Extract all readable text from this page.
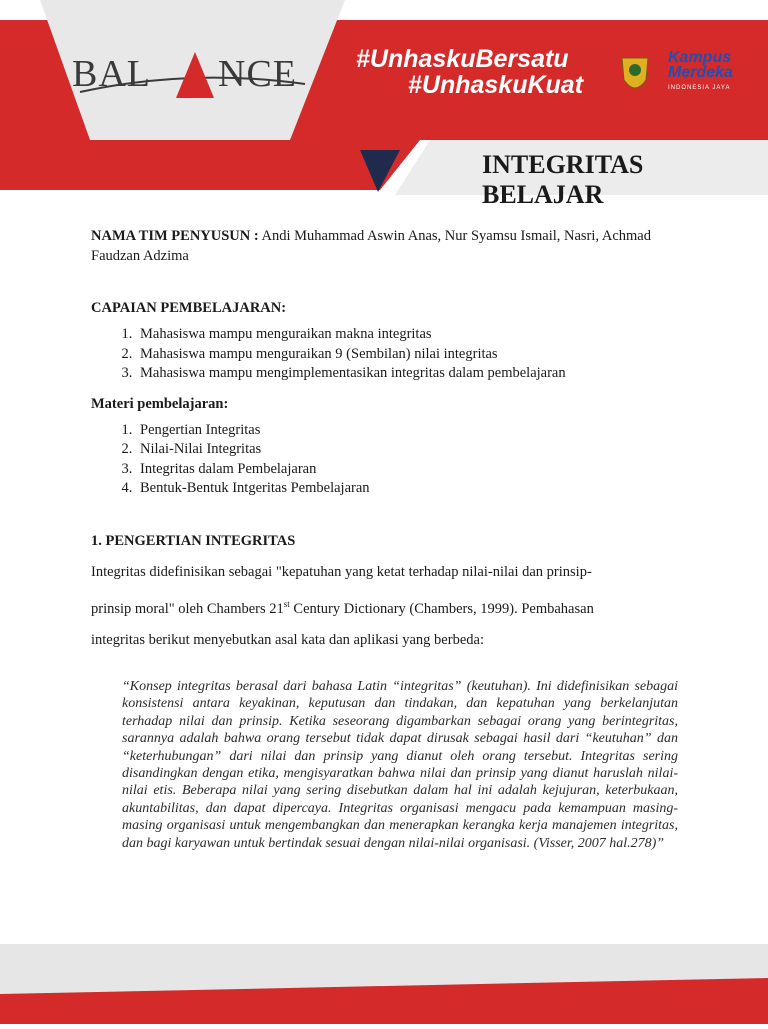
BAL NCE #UnhaskuBersatu
#UnhaskuKuat
Kampus
Merdeka
INDONESIA JAYA
INTEGRITAS BELAJAR

NAMA TIM PENYUSUN : Andi Muhammad Aswin Anas, Nur Syamsu Ismail, Nasri, Achmad

Faudzan Adzima

CAPAIAN PEMBELAJARAN:

1. Mahasiswa mampu menguraikan makna integritas
2. Mahasiswa mampu menguraikan 9 (Sembilan) nilai integritas
3. Mahasiswa mampu mengimplementasikan integritas dalam pembelajaran

Materi pembelajaran:

1. Pengertian Integritas
2. Nilai-Nilai Integritas
3. Integritas dalam Pembelajaran
4. Bentuk-Bentuk Intgeritas Pembelajaran

1. PENGERTIAN INTEGRITAS

Integritas didefinisikan sebagai "kepatuhan yang ketat terhadap nilai-nilai dan prinsip-

prinsip moral" oleh Chambers 21st Century Dictionary (Chambers, 1999). Pembahasan

integritas berikut menyebutkan asal kata dan aplikasi yang berbeda:

“Konsep integritas berasal dari bahasa Latin “integritas” (keutuhan). Ini didefinisikan sebagai konsistensi antara keyakinan, keputusan dan tindakan, dan kepatuhan yang berkelanjutan terhadap nilai dan prinsip. Ketika seseorang digambarkan sebagai orang yang berintegritas, sarannya adalah bahwa orang tersebut tidak dapat dirusak sebagai hasil dari “keutuhan” dan “keterhubungan” dari nilai dan prinsip yang dianut oleh orang tersebut. Integritas sering disandingkan dengan etika, mengisyaratkan bahwa nilai dan prinsip yang dianut haruslah nilai-nilai etis. Beberapa nilai yang sering disebutkan dalam hal ini adalah kejujuran, keterbukaan, akuntabilitas, dan dapat dipercaya. Integritas organisasi mengacu pada kemampuan masing-masing organisasi untuk mengembangkan dan menerapkan kerangka kerja manajemen integritas, dan bagi karyawan untuk bertindak sesuai dengan nilai-nilai organisasi. (Visser, 2007 hal.278)”
